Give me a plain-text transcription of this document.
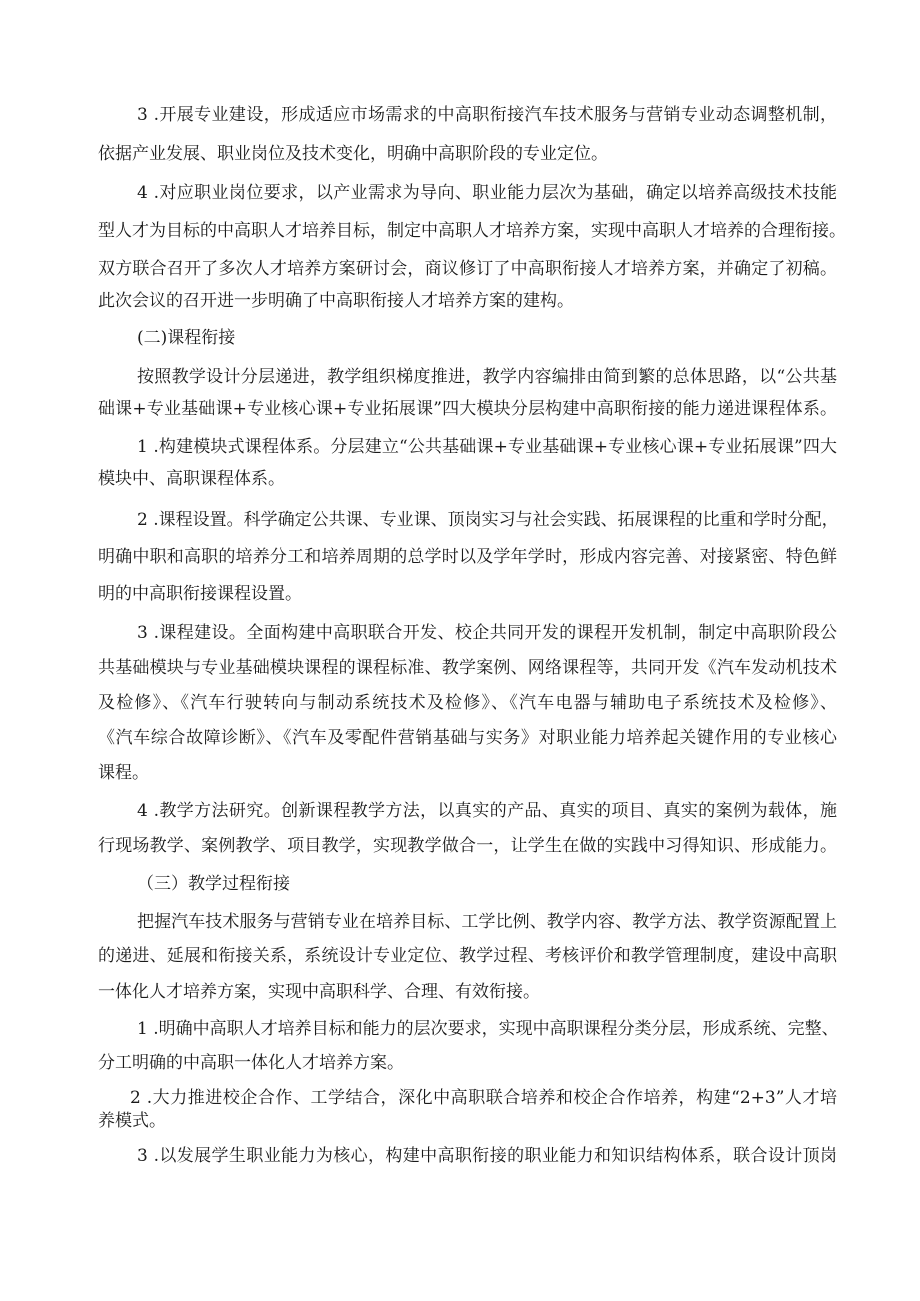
3 .开展专业建设，形成适应市场需求的中高职衔接汽车技术服务与营销专业动态调整机制，
依据产业发展、职业岗位及技术变化，明确中高职阶段的专业定位。
4 .对应职业岗位要求，以产业需求为导向、职业能力层次为基础，确定以培养高级技术技能
型人才为目标的中高职人才培养目标，制定中高职人才培养方案，实现中高职人才培养的合理衔接。
双方联合召开了多次人才培养方案研讨会，商议修订了中高职衔接人才培养方案，并确定了初稿。
此次会议的召开进一步明确了中高职衔接人才培养方案的建构。
(二)课程衔接
按照教学设计分层递进，教学组织梯度推进，教学内容编排由简到繁的总体思路，以“公共基
础课+专业基础课+专业核心课+专业拓展课”四大模块分层构建中高职衔接的能力递进课程体系。
1 .构建模块式课程体系。分层建立“公共基础课+专业基础课+专业核心课+专业拓展课”四大
模块中、高职课程体系。
2 .课程设置。科学确定公共课、专业课、顶岗实习与社会实践、拓展课程的比重和学时分配，
明确中职和高职的培养分工和培养周期的总学时以及学年学时，形成内容完善、对接紧密、特色鲜
明的中高职衔接课程设置。
3 .课程建设。全面构建中高职联合开发、校企共同开发的课程开发机制，制定中高职阶段公
共基础模块与专业基础模块课程的课程标准、教学案例、网络课程等，共同开发《汽车发动机技术
及检修》、《汽车行驶转向与制动系统技术及检修》、《汽车电器与辅助电子系统技术及检修》、
《汽车综合故障诊断》、《汽车及零配件营销基础与实务》对职业能力培养起关键作用的专业核心
课程。
4 .教学方法研究。创新课程教学方法，以真实的产品、真实的项目、真实的案例为载体，施
行现场教学、案例教学、项目教学，实现教学做合一，让学生在做的实践中习得知识、形成能力。
（三）教学过程衔接
把握汽车技术服务与营销专业在培养目标、工学比例、教学内容、教学方法、教学资源配置上
的递进、延展和衔接关系，系统设计专业定位、教学过程、考核评价和教学管理制度，建设中高职
一体化人才培养方案，实现中高职科学、合理、有效衔接。
1 .明确中高职人才培养目标和能力的层次要求，实现中高职课程分类分层，形成系统、完整、
分工明确的中高职一体化人才培养方案。
2 .大力推进校企合作、工学结合，深化中高职联合培养和校企合作培养，构建“2+3”人才培
养模式。
3 .以发展学生职业能力为核心，构建中高职衔接的职业能力和知识结构体系，联合设计顶岗
